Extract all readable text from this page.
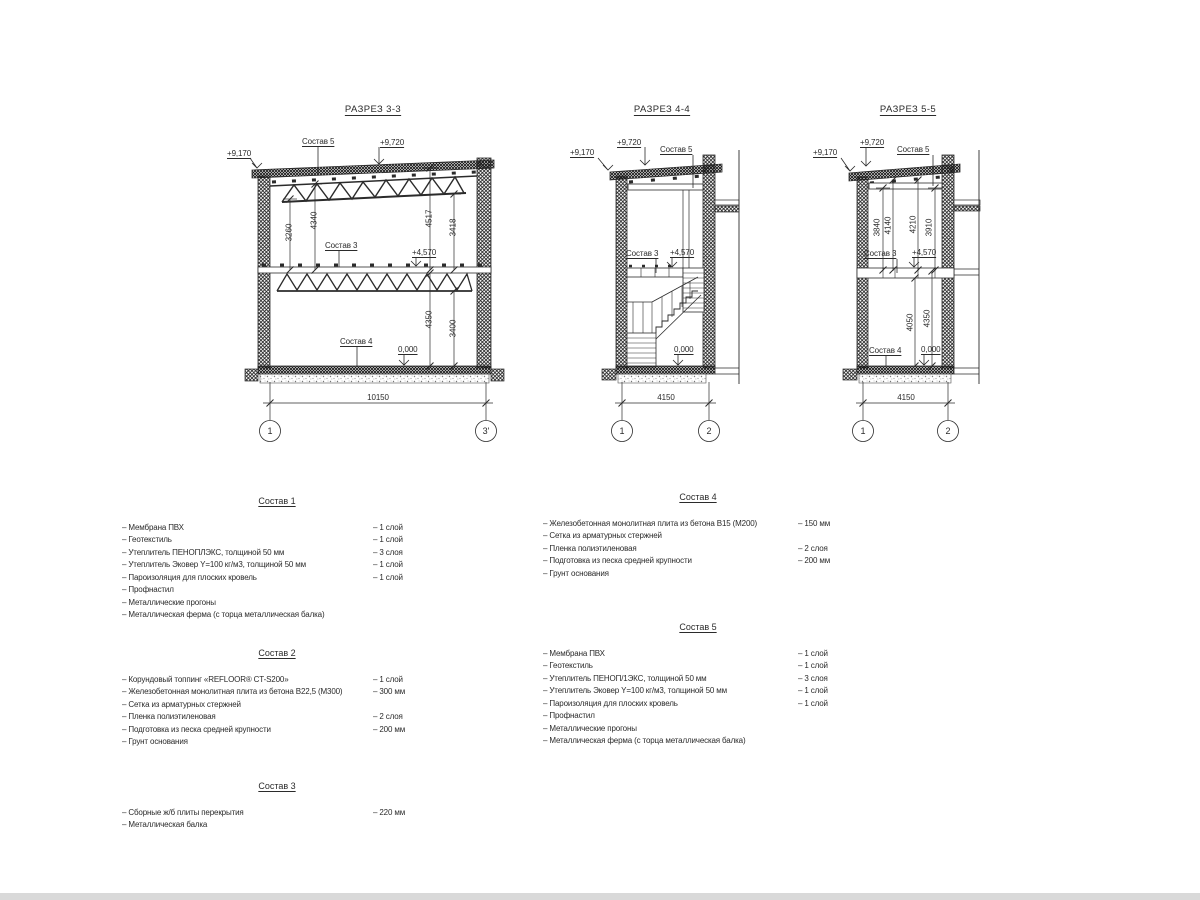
РАЗРЕЗ 3-3
+9,170
+9,720
Состав 5
3260
4340	4517
3418
Состав 3
+4,570
4350
3400
Состав 4
0,000
10150
1	3'
РАЗРЕЗ 4-4
+9,720
Состав 5
+9,170
Состав 3 +4,570
0,000
4150
1	2
РАЗРЕЗ 5-5
+9,720
Состав 5
+9,170
3840 4140 4210 3910
Состав 3 +4,570
4050 4350
Состав 4 0,000
4150
1	2
Состав 1
– Мембрана ПВХ	– 1 слой
– Геотекстиль	– 1 слой
– Утеплитель ПЕНОПЛЭКС, толщиной 50 мм	– 3 слоя
– Утеплитель Эковер Y=100 кг/м3, толщиной 50 мм	– 1 слой
– Пароизоляция для плоских кровель	– 1 слой
– Профнастил
– Металлические прогоны
– Металлическая ферма (с торца металлическая балка)
Состав 2
– Корундовый топпинг «REFLOOR® CT-S200»	– 1 слой
– Железобетонная монолитная плита из бетона В22,5 (М300)	– 300 мм
– Сетка из арматурных стержней
– Пленка полиэтиленовая	– 2 слоя
– Подготовка из песка средней крупности	– 200 мм
– Грунт основания
Состав 3
– Сборные ж/б плиты перекрытия	– 220 мм
– Металлическая балка
Состав 4
– Железобетонная монолитная плита из бетона В15 (М200)	– 150 мм
– Сетка из арматурных стержней
– Пленка полиэтиленовая	– 2 слоя
– Подготовка из песка средней крупности	– 200 мм
– Грунт основания
Состав 5
– Мембрана ПВХ	– 1 слой
– Геотекстиль	– 1 слой
– Утеплитель ПЕНОП/1ЭКС, толщиной 50 мм	– 3 слоя
– Утеплитель Эковер Y=100 кг/м3, толщиной 50 мм	– 1 слой
– Пароизоляция для плоских кровель	– 1 слой
– Профнастил
– Металлические прогоны
– Металлическая ферма (с торца металлическая балка)
